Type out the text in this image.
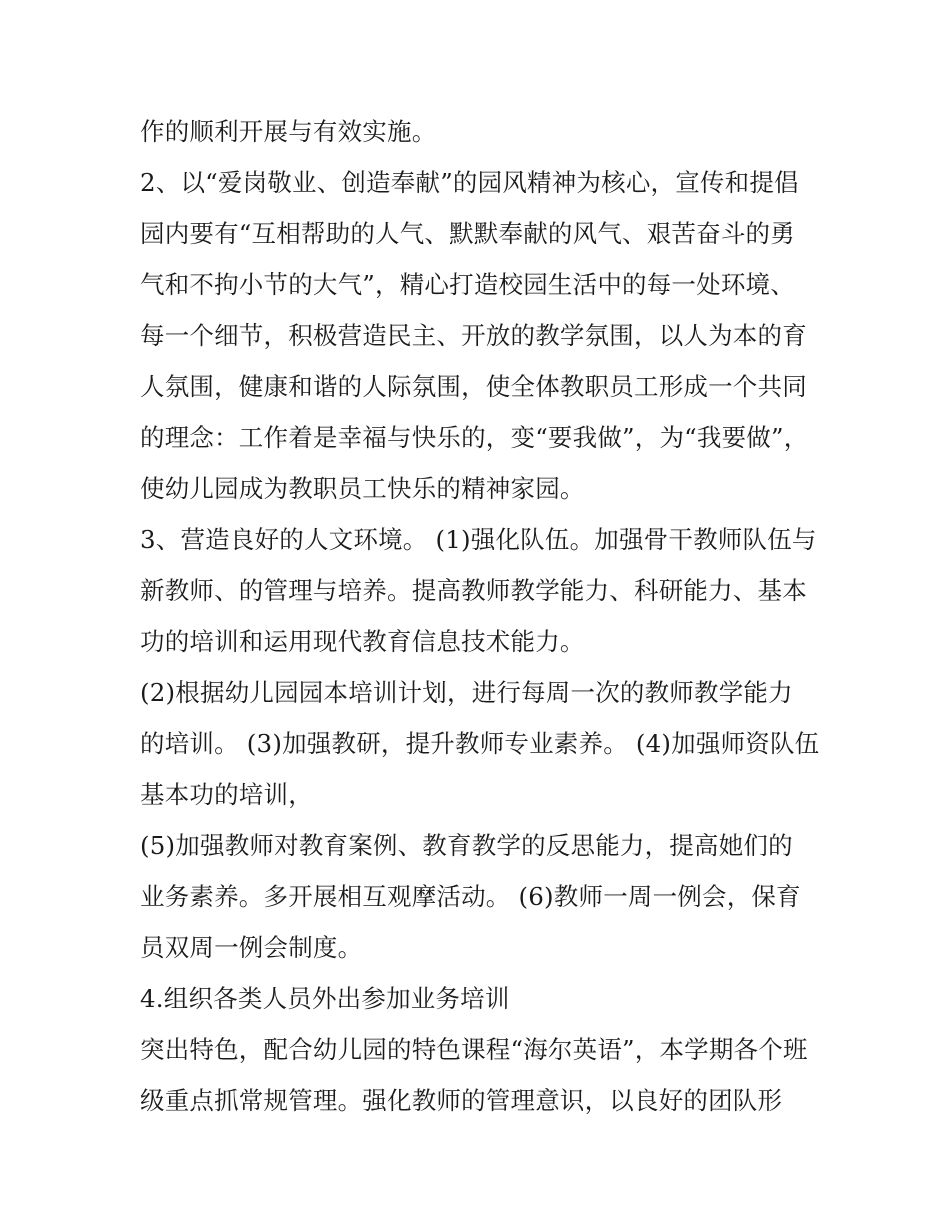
作的顺利开展与有效实施。
2、以“爱岗敬业、创造奉献”的园风精神为核心，宣传和提倡
园内要有“互相帮助的人气、默默奉献的风气、艰苦奋斗的勇
气和不拘小节的大气”，精心打造校园生活中的每一处环境、
每一个细节，积极营造民主、开放的教学氛围，以人为本的育
人氛围，健康和谐的人际氛围，使全体教职员工形成一个共同
的理念：工作着是幸福与快乐的，变“要我做”，为“我要做”，
使幼儿园成为教职员工快乐的精神家园。
3、营造良好的人文环境。 (1)强化队伍。加强骨干教师队伍与
新教师、的管理与培养。提高教师教学能力、科研能力、基本
功的培训和运用现代教育信息技术能力。
(2)根据幼儿园园本培训计划，进行每周一次的教师教学能力
的培训。 (3)加强教研，提升教师专业素养。 (4)加强师资队伍
基本功的培训，
(5)加强教师对教育案例、教育教学的反思能力，提高她们的
业务素养。多开展相互观摩活动。 (6)教师一周一例会，保育
员双周一例会制度。
4.组织各类人员外出参加业务培训
突出特色，配合幼儿园的特色课程“海尔英语”，本学期各个班
级重点抓常规管理。强化教师的管理意识，以良好的团队形
